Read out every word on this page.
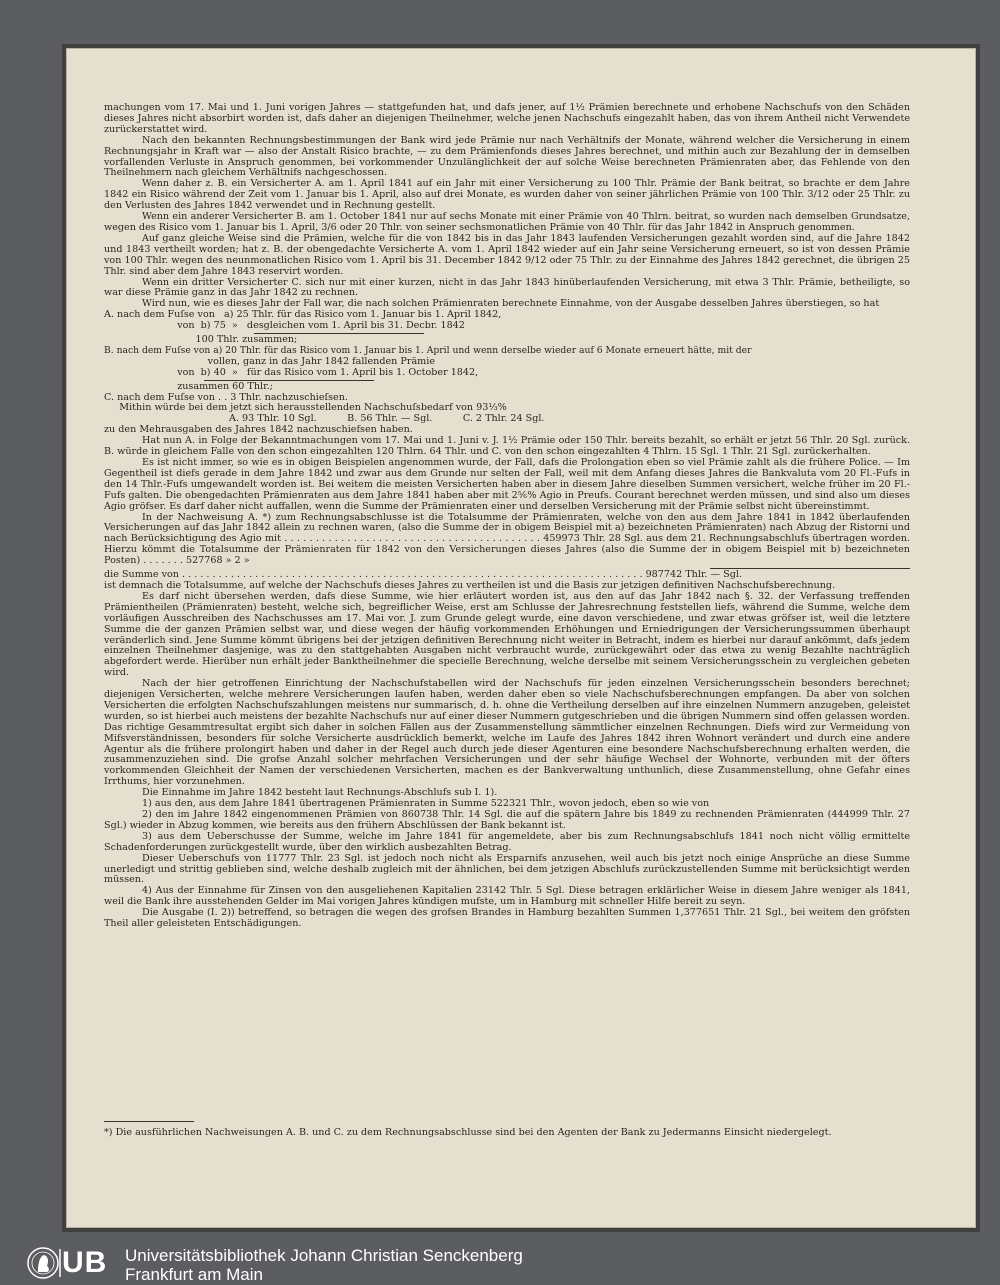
machungen vom 17. Mai und 1. Juni vorigen Jahres — stattgefunden hat, und dafs jener, auf 1½ Prämien berechnete und erhobene Nachschufs von den Schäden dieses Jahres nicht absorbirt worden ist, dafs daher an diejenigen Theilnehmer, welche jenen Nachschufs eingezahlt haben, das von ihrem Antheil nicht Verwendete zurückerstattet wird.

Nach den bekannten Rechnungsbestimmungen der Bank wird jede Prämie nur nach Verhältnifs der Monate, während welcher die Versicherung in einem Rechnungsjahr in Kraft war — also der Anstalt Risico brachte, — zu dem Prämienfonds dieses Jahres berechnet, und mithin auch zur Bezahlung der in demselben vorfallenden Verluste in Anspruch genommen, bei vorkommender Unzulänglichkeit der auf solche Weise berechneten Prämienraten aber, das Fehlende von den Theilnehmern nach gleichem Verhältnifs nachgeschossen.

Wenn daher z. B. ein Versicherter A. am 1. April 1841 auf ein Jahr mit einer Versicherung zu 100 Thlr. Prämie der Bank beitrat, so brachte er dem Jahre 1842 ein Risico während der Zeit vom 1. Januar bis 1. April, also auf drei Monate, es wurden daher von seiner jährlichen Prämie von 100 Thlr. 3/12 oder 25 Thlr. zu den Verlusten des Jahres 1842 verwendet und in Rechnung gestellt.

Wenn ein anderer Versicherter B. am 1. October 1841 nur auf sechs Monate mit einer Prämie von 40 Thlrn. beitrat, so wurden nach demselben Grundsatze, wegen des Risico vom 1. Januar bis 1. April, 3/6 oder 20 Thlr. von seiner sechsmonatlichen Prämie von 40 Thlr. für das Jahr 1842 in Anspruch genommen.

Auf ganz gleiche Weise sind die Prämien, welche für die von 1842 bis in das Jahr 1843 laufenden Versicherungen gezahlt worden sind, auf die Jahre 1842 und 1843 vertheilt worden; hat z. B. der obengedachte Versicherte A. vom 1. April 1842 wieder auf ein Jahr seine Versicherung erneuert, so ist von dessen Prämie von 100 Thlr. wegen des neunmonatlichen Risico vom 1. April bis 31. December 1842 9/12 oder 75 Thlr. zu der Einnahme des Jahres 1842 gerechnet, die übrigen 25 Thlr. sind aber dem Jahre 1843 reservirt worden.

Wenn ein dritter Versicherter C. sich nur mit einer kurzen, nicht in das Jahr 1843 hinüberlaufenden Versicherung, mit etwa 3 Thlr. Prämie, betheiligte, so war diese Prämie ganz in das Jahr 1842 zu rechnen.

Wird nun, wie es dieses Jahr der Fall war, die nach solchen Prämienraten berechnete Einnahme, von der Ausgabe desselben Jahres überstiegen, so hat

A. nach dem Fuſse von   a) 25 Thlr. für das Risico vom 1. Januar bis 1. April 1842,

von  b) 75  »   desgleichen vom 1. April bis 31. Decbr. 1842

100 Thlr. zusammen;

B. nach dem Fuſse von a) 20 Thlr. für das Risico vom 1. Januar bis 1. April und wenn derselbe wieder auf 6 Monate erneuert hätte, mit der

vollen, ganz in das Jahr 1842 fallenden Prämie

von  b) 40  »   für das Risico vom 1. April bis 1. October 1842,

zusammen 60 Thlr.;

C. nach dem Fuſse von . . 3 Thlr. nachzuschieſsen.

Mithin würde bei dem jetzt sich herausstellenden Nachschuſsbedarf von 93⅓%

A. 93 Thlr. 10 Sgl.          B. 56 Thlr. — Sgl.          C. 2 Thlr. 24 Sgl.

zu den Mehrausgaben des Jahres 1842 nachzuschiefsen haben.

Hat nun A. in Folge der Bekanntmachungen vom 17. Mai und 1. Juni v. J. 1½ Prämie oder 150 Thlr. bereits bezahlt, so erhält er jetzt 56 Thlr. 20 Sgl. zurück. B. würde in gleichem Falle von den schon eingezahlten 120 Thlrn. 64 Thlr. und C. von den schon eingezahlten 4 Thlrn. 15 Sgl. 1 Thlr. 21 Sgl. zurückerhalten.

Es ist nicht immer, so wie es in obigen Beispielen angenommen wurde, der Fall, dafs die Prolongation eben so viel Prämie zahlt als die frühere Police. — Im Gegentheil ist diefs gerade in dem Jahre 1842 und zwar aus dem Grunde nur selten der Fall, weil mit dem Anfang dieses Jahres die Bankvaluta vom 20 Fl.-Fufs in den 14 Thlr.-Fufs umgewandelt worden ist. Bei weitem die meisten Versicherten haben aber in diesem Jahre dieselben Summen versichert, welche früher im 20 Fl.-Fufs galten. Die obengedachten Prämienraten aus dem Jahre 1841 haben aber mit 2⅚% Agio in Preufs. Courant berechnet werden müssen, und sind also um dieses Agio gröfser. Es darf daher nicht auffallen, wenn die Summe der Prämienraten einer und derselben Versicherung mit der Prämie selbst nicht übereinstimmt.

In der Nachweisung A. *) zum Rechnungsabschlusse ist die Totalsumme der Prämienraten, welche von den aus dem Jahre 1841 in 1842 überlaufenden Versicherungen auf das Jahr 1842 allein zu rechnen waren, (also die Summe der in obigem Beispiel mit a) bezeichneten Prämienraten) nach Abzug der Ristorni und nach Berücksichtigung des Agio mit . . . . . . . . . . . . . . . . . . . . . . . . . . . . . . . . . . . . . . . . . 459973 Thlr. 28 Sgl. aus dem 21. Rechnungsabschlufs übertragen worden. Hierzu kömmt die Totalsumme der Prämienraten für 1842 von den Versicherungen dieses Jahres (also die Summe der in obigem Beispiel mit b) bezeichneten Posten) . . . . . . . 527768 » 2 »

die Summe von . . . . . . . . . . . . . . . . . . . . . . . . . . . . . . . . . . . . . . . . . . . . . . . . . . . . . . . . . . . . . . . . . . . . . . . . . . . . 987742 Thlr. — Sgl.

ist demnach die Totalsumme, auf welche der Nachschufs dieses Jahres zu vertheilen ist und die Basis zur jetzigen definitiven Nachschufsberechnung.

Es darf nicht übersehen werden, dafs diese Summe, wie hier erläutert worden ist, aus den auf das Jahr 1842 nach §. 32. der Verfassung treffenden Prämientheilen (Prämienraten) besteht, welche sich, begreiflicher Weise, erst am Schlusse der Jahresrechnung feststellen liefs, während die Summe, welche dem vorläufigen Ausschreiben des Nachschusses am 17. Mai vor. J. zum Grunde gelegt wurde, eine davon verschiedene, und zwar etwas gröfser ist, weil die letztere Summe die der ganzen Prämien selbst war, und diese wegen der häufig vorkommenden Erhöhungen und Erniedrigungen der Versicherungssummen überhaupt veränderlich sind. Jene Summe kömmt übrigens bei der jetzigen definitiven Berechnung nicht weiter in Betracht, indem es hierbei nur darauf ankömmt, dafs jedem einzelnen Theilnehmer dasjenige, was zu den stattgehabten Ausgaben nicht verbraucht wurde, zurückgewährt oder das etwa zu wenig Bezahlte nachträglich abgefordert werde. Hierüber nun erhält jeder Banktheilnehmer die specielle Berechnung, welche derselbe mit seinem Versicherungsschein zu vergleichen gebeten wird.

Nach der hier getroffenen Einrichtung der Nachschufstabellen wird der Nachschufs für jeden einzelnen Versicherungsschein besonders berechnet; diejenigen Versicherten, welche mehrere Versicherungen laufen haben, werden daher eben so viele Nachschufsberechnungen empfangen. Da aber von solchen Versicherten die erfolgten Nachschufszahlungen meistens nur summarisch, d. h. ohne die Vertheilung derselben auf ihre einzelnen Nummern anzugeben, geleistet wurden, so ist hierbei auch meistens der bezahlte Nachschufs nur auf einer dieser Nummern gutgeschrieben und die übrigen Nummern sind offen gelassen worden. Das richtige Gesammtresultat ergibt sich daher in solchen Fällen aus der Zusammenstellung sämmtlicher einzelnen Rechnungen. Diefs wird zur Vermeidung von Mifsverständnissen, besonders für solche Versicherte ausdrücklich bemerkt, welche im Laufe des Jahres 1842 ihren Wohnort verändert und durch eine andere Agentur als die frühere prolongirt haben und daher in der Regel auch durch jede dieser Agenturen eine besondere Nachschufsberechnung erhalten werden, die zusammenzuziehen sind. Die grofse Anzahl solcher mehrfachen Versicherungen und der sehr häufige Wechsel der Wohnorte, verbunden mit der öfters vorkommenden Gleichheit der Namen der verschiedenen Versicherten, machen es der Bankverwaltung unthunlich, diese Zusammenstellung, ohne Gefahr eines Irrthums, hier vorzunehmen.

Die Einnahme im Jahre 1842 besteht laut Rechnungs-Abschlufs sub I. 1).

1) aus den, aus dem Jahre 1841 übertragenen Prämienraten in Summe 522321 Thlr., wovon jedoch, eben so wie von

2) den im Jahre 1842 eingenommenen Prämien von 860738 Thlr. 14 Sgl. die auf die spätern Jahre bis 1849 zu rechnenden Prämienraten (444999 Thlr. 27 Sgl.) wieder in Abzug kommen, wie bereits aus den frühern Abschlüssen der Bank bekannt ist.

3) aus dem Ueberschusse der Summe, welche im Jahre 1841 für angemeldete, aber bis zum Rechnungsabschlufs 1841 noch nicht völlig ermittelte Schadenforderungen zurückgestellt wurde, über den wirklich ausbezahlten Betrag.

Dieser Ueberschufs von 11777 Thlr. 23 Sgl. ist jedoch noch nicht als Ersparnifs anzusehen, weil auch bis jetzt noch einige Ansprüche an diese Summe unerledigt und strittig geblieben sind, welche deshalb zugleich mit der ähnlichen, bei dem jetzigen Abschlufs zurückzustellenden Summe mit berücksichtigt werden müssen.

4) Aus der Einnahme für Zinsen von den ausgeliehenen Kapitalien 23142 Thlr. 5 Sgl. Diese betragen erklärlicher Weise in diesem Jahre weniger als 1841, weil die Bank ihre ausstehenden Gelder im Mai vorigen Jahres kündigen mufste, um in Hamburg mit schneller Hilfe bereit zu seyn.

Die Ausgabe (I. 2)) betreffend, so betragen die wegen des grofsen Brandes in Hamburg bezahlten Summen 1,377651 Thlr. 21 Sgl., bei weitem den gröfsten Theil aller geleisteten Entschädigungen.

*) Die ausführlichen Nachweisungen A. B. und C. zu dem Rechnungsabschlusse sind bei den Agenten der Bank zu Jedermanns Einsicht niedergelegt.
UB Universitätsbibliothek Johann Christian Senckenberg
Frankfurt am Main
